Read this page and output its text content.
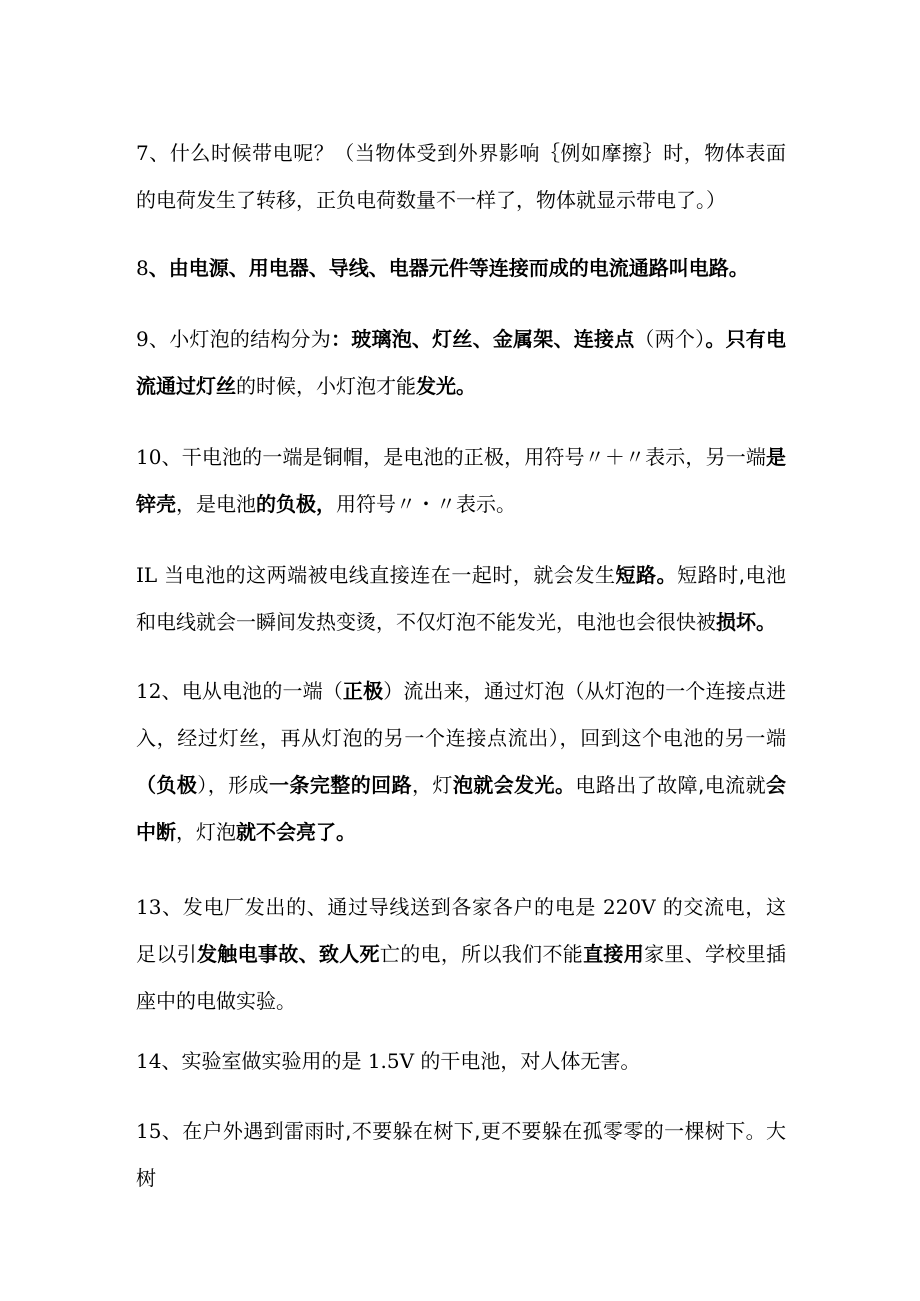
7、什么时候带电呢？（当物体受到外界影响｛例如摩擦｝时，物体表面的电荷发生了转移，正负电荷数量不一样了，物体就显示带电了。）

8、由电源、用电器、导线、电器元件等连接而成的电流通路叫电路。

9、小灯泡的结构分为：玻璃泡、灯丝、金属架、连接点（两个）。只有电流通过灯丝的时候，小灯泡才能发光。

10、干电池的一端是铜帽，是电池的正极，用符号〃＋〃表示，另一端是锌壳，是电池的负极，用符号〃・〃表示。

IL 当电池的这两端被电线直接连在一起时，就会发生短路。短路时,电池和电线就会一瞬间发热变烫，不仅灯泡不能发光，电池也会很快被损坏。

12、电从电池的一端（正极）流出来，通过灯泡（从灯泡的一个连接点进入，经过灯丝，再从灯泡的另一个连接点流出），回到这个电池的另一端（负极），形成一条完整的回路，灯泡就会发光。电路出了故障,电流就会中断，灯泡就不会亮了。

13、发电厂发出的、通过导线送到各家各户的电是 220V 的交流电，这足以引发触电事故、致人死亡的电，所以我们不能直接用家里、学校里插座中的电做实验。

14、实验室做实验用的是 1.5V 的干电池，对人体无害。

15、在户外遇到雷雨时,不要躲在树下,更不要躲在孤零零的一棵树下。大树
